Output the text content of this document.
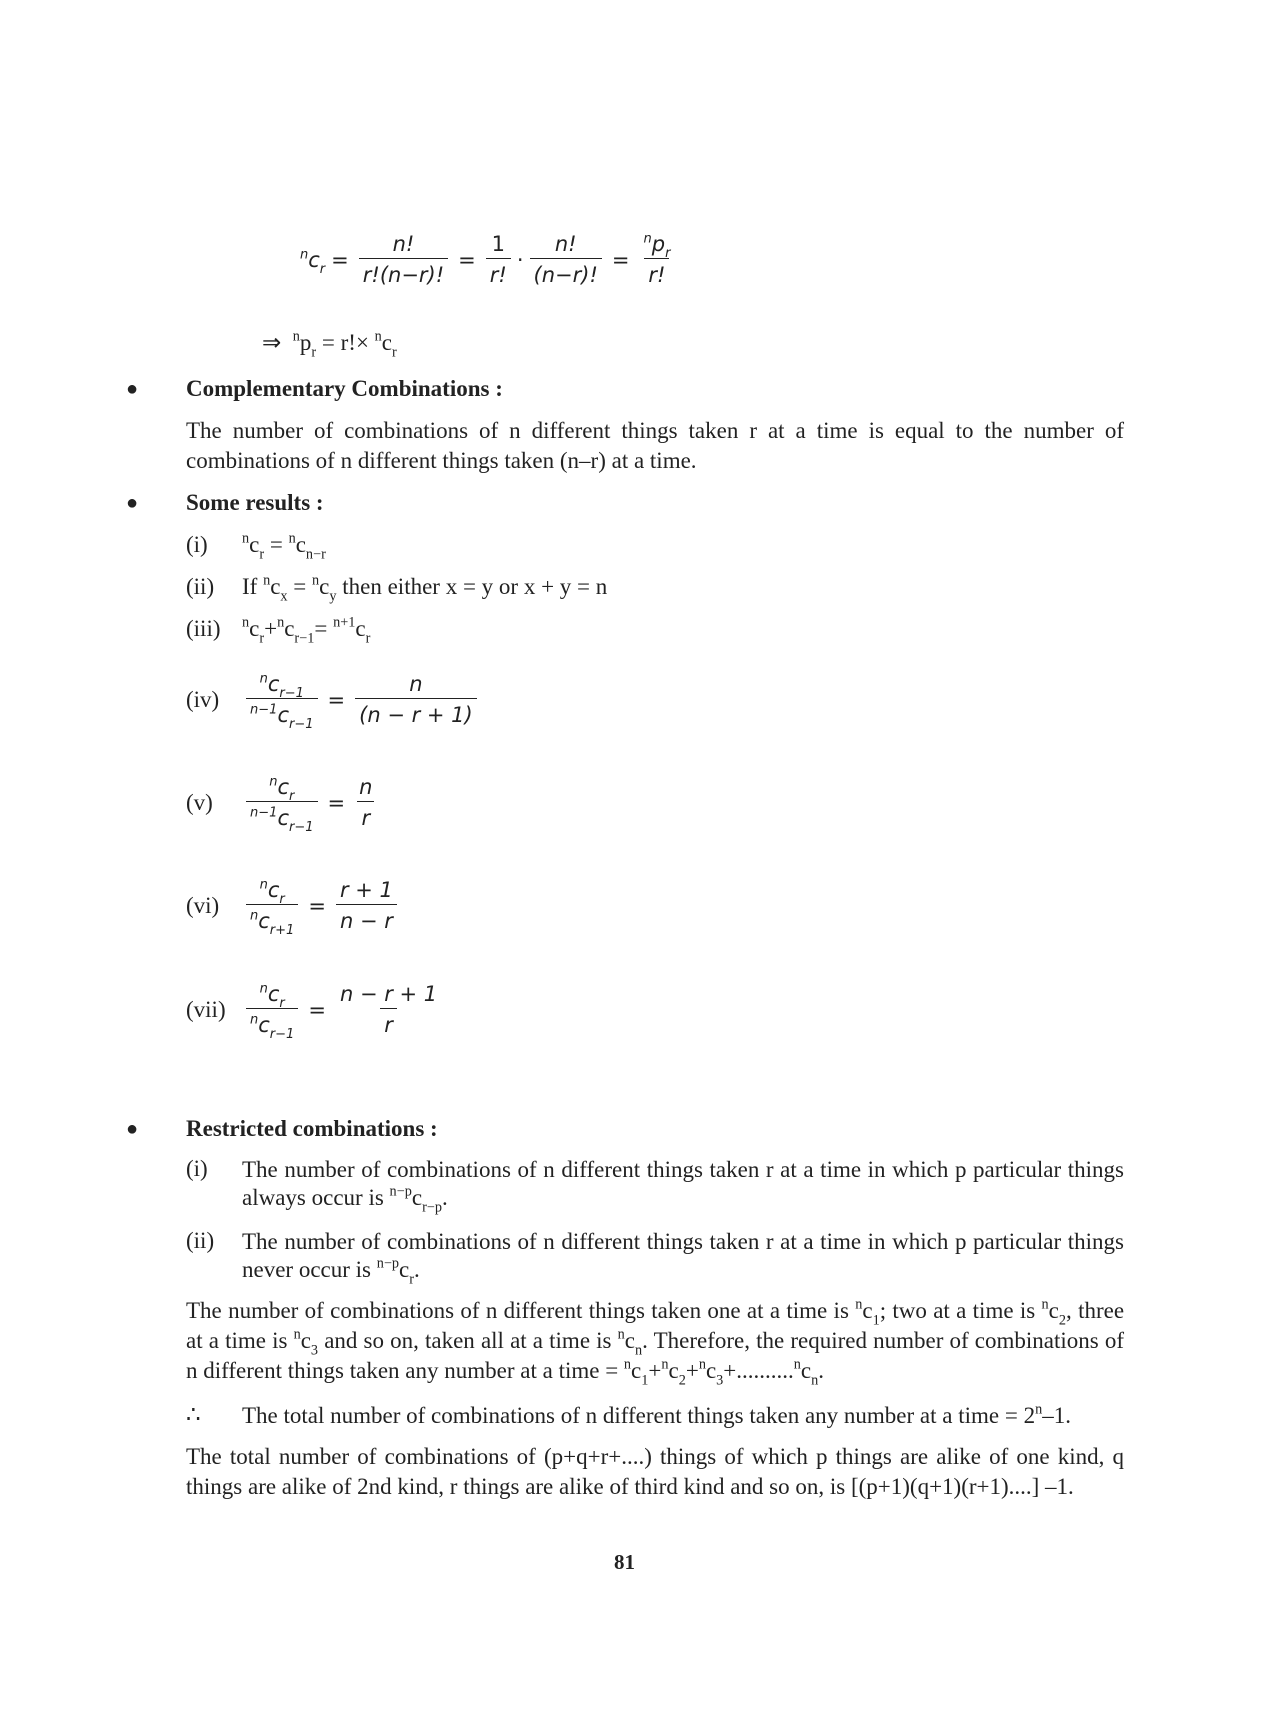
$^nc_r = \frac{n!}{r!(n-r)!} = \frac{1}{r!} \cdot \frac{n!}{(n-r)!} = \frac{^np_r}{r!}$
⇒ $^np_r = r!\times ^nc_r$
● Complementary Combinations :
The number of combinations of n different things taken r at a time is equal to the number of combinations of n different things taken (n–r) at a time.
● Some results :
(i) $^nc_r = ^nc_{n-r}$
(ii) If $^nc_x = ^nc_y$ then either x = y or x + y = n
(iii) $^nc_r+^nc_{r-1}= ^{n+1}c_r$
(iv)	$\frac{^nc_{r-1}}{^{n-1}c_{r-1}} = \frac{n}{(n - r + 1)}$
(v)	$\frac{^nc_r}{^{n-1}c_{r-1}} = \frac{n}{r}$
(vi)	$\frac{^nc_r}{^nc_{r+1}} = \frac{r + 1}{n - r}$
(vii)	$\frac{^nc_r}{^nc_{r-1}} = \frac{n - r + 1}{r}$
● Restricted combinations :
(i)	The number of combinations of n different things taken r at a time in which p particular things always occur is $^{n-p}c_{r-p}$.
(ii)	The number of combinations of n different things taken r at a time in which p particular things never occur is $^{n-p}c_r$.
The number of combinations of n different things taken one at a time is $^nc_1$; two at a time is $^nc_2$, three at a time is $^nc_3$ and so on, taken all at a time is $^nc_n$. Therefore, the required number of combinations of n different things taken any number at a time = $^nc_1+^nc_2+^nc_3+..........^nc_n$.
∴	The total number of combinations of n different things taken any number at a time = $2^n-1$.
The total number of combinations of (p+q+r+....) things of which p things are alike of one kind, q things are alike of 2nd kind, r things are alike of third kind and so on, is [(p+1)(q+1)(r+1)....] –1.
81
